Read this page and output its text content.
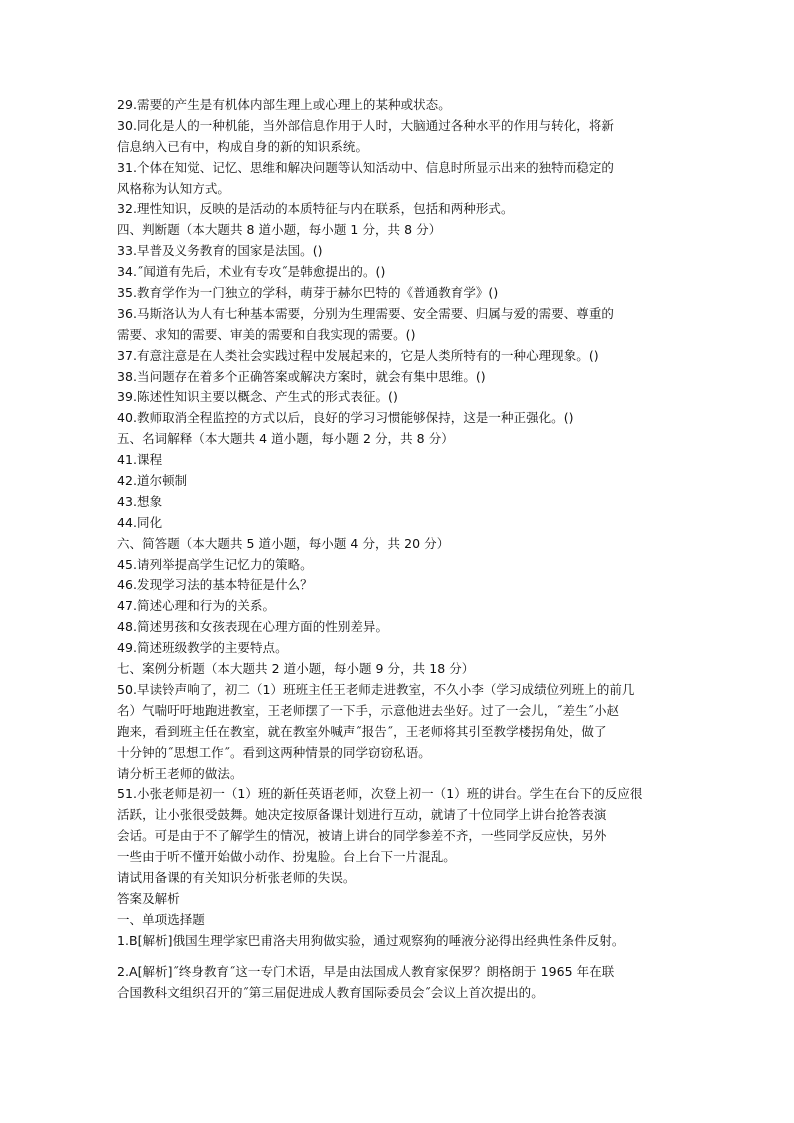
29.需要的产生是有机体内部生理上或心理上的某种或状态。
30.同化是人的一种机能，当外部信息作用于人时，大脑通过各种水平的作用与转化，将新
信息纳入已有中，构成自身的新的知识系统。
31.个体在知觉、记忆、思维和解决问题等认知活动中、信息时所显示出来的独特而稳定的
风格称为认知方式。
32.理性知识，反映的是活动的本质特征与内在联系，包括和两种形式。
四、判断题（本大题共 8 道小题，每小题 1 分，共 8 分）
33.早普及义务教育的国家是法国。()
34.˝闻道有先后，术业有专攻˝是韩愈提出的。()
35.教育学作为一门独立的学科，萌芽于赫尔巴特的《普通教育学》()
36.马斯洛认为人有七种基本需要，分别为生理需要、安全需要、归属与爱的需要、尊重的
需要、求知的需要、审美的需要和自我实现的需要。()
37.有意注意是在人类社会实践过程中发展起来的，它是人类所特有的一种心理现象。()
38.当问题存在着多个正确答案或解决方案时，就会有集中思维。()
39.陈述性知识主要以概念、产生式的形式表征。()
40.教师取消全程监控的方式以后，良好的学习习惯能够保持，这是一种正强化。()
五、名词解释（本大题共 4 道小题，每小题 2 分，共 8 分）
41.课程
42.道尔顿制
43.想象
44.同化
六、简答题（本大题共 5 道小题，每小题 4 分，共 20 分）
45.请列举提高学生记忆力的策略。
46.发现学习法的基本特征是什么？
47.简述心理和行为的关系。
48.简述男孩和女孩表现在心理方面的性别差异。
49.简述班级教学的主要特点。
七、案例分析题（本大题共 2 道小题，每小题 9 分，共 18 分）
50.早读铃声响了，初二（1）班班主任王老师走进教室，不久小李（学习成绩位列班上的前几
名）气喘吁吁地跑进教室，王老师摆了一下手，示意他进去坐好。过了一会儿，˝差生˝小赵
跑来，看到班主任在教室，就在教室外喊声˝报告˝，王老师将其引至教学楼拐角处，做了
十分钟的˝思想工作˝。看到这两种情景的同学窃窃私语。
请分析王老师的做法。
51.小张老师是初一（1）班的新任英语老师，次登上初一（1）班的讲台。学生在台下的反应很
活跃，让小张很受鼓舞。她决定按原备课计划进行互动，就请了十位同学上讲台抢答表演
会话。可是由于不了解学生的情况，被请上讲台的同学参差不齐，一些同学反应快，另外
一些由于听不懂开始做小动作、扮鬼脸。台上台下一片混乱。
请试用备课的有关知识分析张老师的失误。
答案及解析
一、单项选择题
1.B[解析]俄国生理学家巴甫洛夫用狗做实验，通过观察狗的唾液分泌得出经典性条件反射。
2.A[解析]˝终身教育˝这一专门术语，早是由法国成人教育家保罗？朗格朗于 1965 年在联
合国教科文组织召开的˝第三届促进成人教育国际委员会˝会议上首次提出的。
